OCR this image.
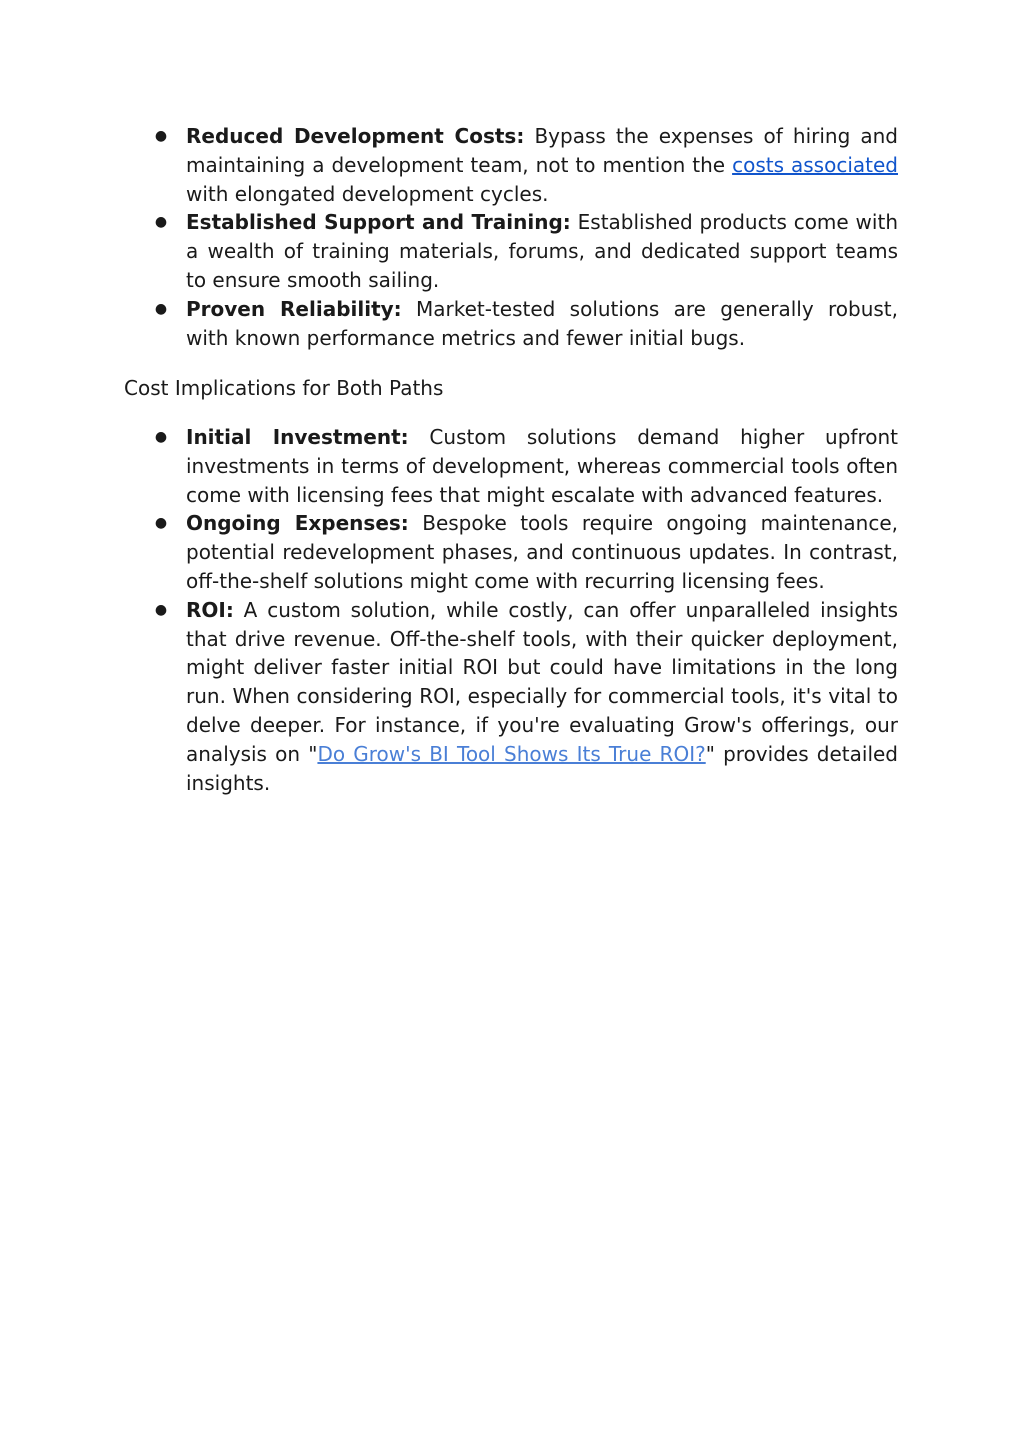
● Reduced Development Costs: Bypass the expenses of hiring and maintaining a development team, not to mention the costs associated with elongated development cycles.
● Established Support and Training: Established products come with a wealth of training materials, forums, and dedicated support teams to ensure smooth sailing.
● Proven Reliability: Market-tested solutions are generally robust, with known performance metrics and fewer initial bugs.
Cost Implications for Both Paths
● Initial Investment: Custom solutions demand higher upfront investments in terms of development, whereas commercial tools often come with licensing fees that might escalate with advanced features.
● Ongoing Expenses: Bespoke tools require ongoing maintenance, potential redevelopment phases, and continuous updates. In contrast, off-the-shelf solutions might come with recurring licensing fees.
● ROI: A custom solution, while costly, can offer unparalleled insights that drive revenue. Off-the-shelf tools, with their quicker deployment, might deliver faster initial ROI but could have limitations in the long run. When considering ROI, especially for commercial tools, it's vital to delve deeper. For instance, if you're evaluating Grow's offerings, our analysis on "Do Grow's BI Tool Shows Its True ROI?" provides detailed insights.
